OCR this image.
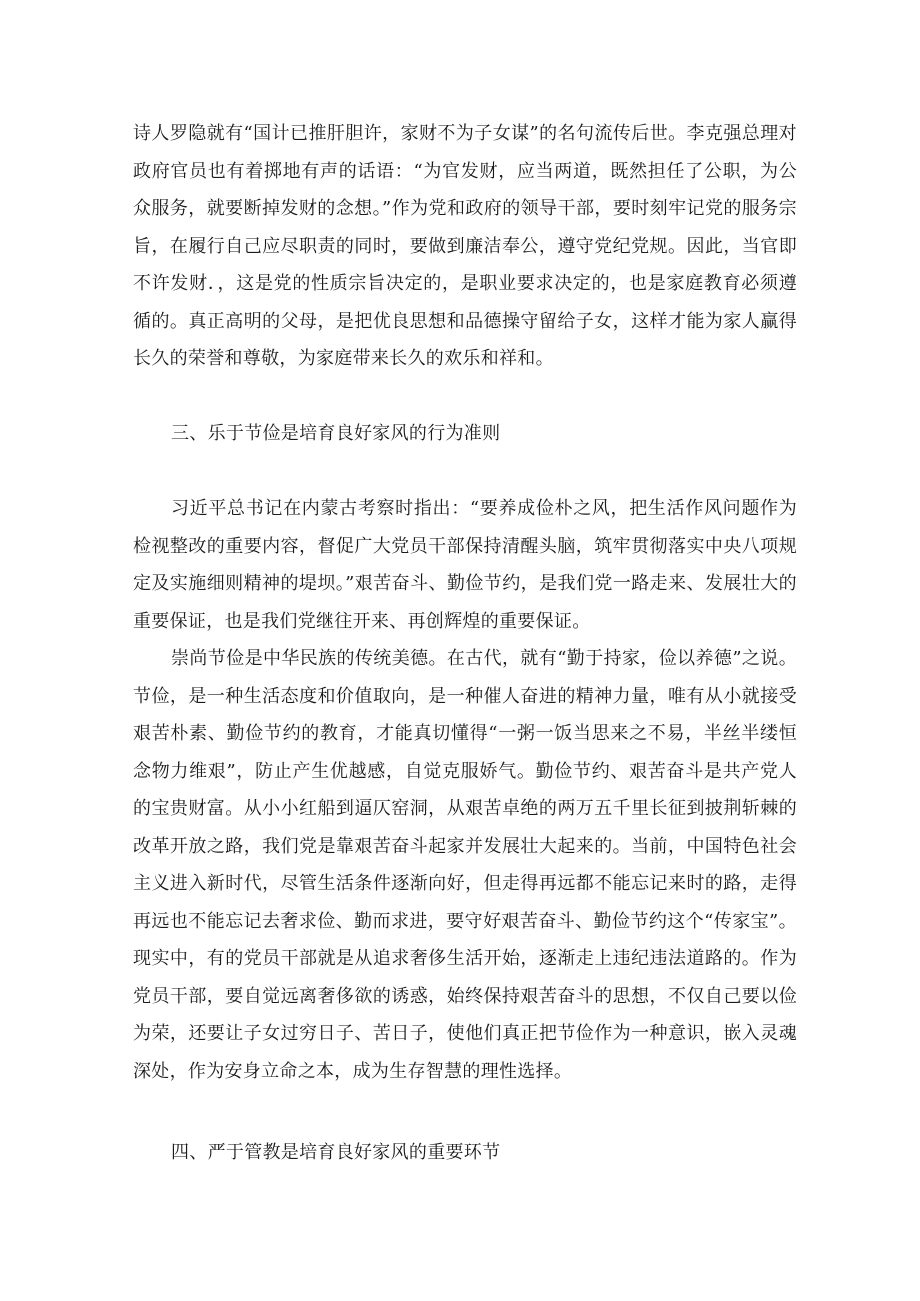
诗人罗隐就有“国计已推肝胆许，家财不为子女谋”的名句流传后世。李克强总理对政府官员也有着掷地有声的话语：“为官发财，应当两道，既然担任了公职，为公众服务，就要断掉发财的念想。”作为党和政府的领导干部，要时刻牢记党的服务宗旨，在履行自己应尽职责的同时，要做到廉洁奉公，遵守党纪党规。因此，当官即不许发财．，这是党的性质宗旨决定的，是职业要求决定的，也是家庭教育必须遵循的。真正高明的父母，是把优良思想和品德操守留给子女，这样才能为家人赢得长久的荣誉和尊敬，为家庭带来长久的欢乐和祥和。

三、乐于节俭是培育良好家风的行为准则

习近平总书记在内蒙古考察时指出：“要养成俭朴之风，把生活作风问题作为检视整改的重要内容，督促广大党员干部保持清醒头脑，筑牢贯彻落实中央八项规定及实施细则精神的堤坝。”艰苦奋斗、勤俭节约，是我们党一路走来、发展壮大的重要保证，也是我们党继往开来、再创辉煌的重要保证。

崇尚节俭是中华民族的传统美德。在古代，就有“勤于持家，俭以养德”之说。节俭，是一种生活态度和价值取向，是一种催人奋进的精神力量，唯有从小就接受艰苦朴素、勤俭节约的教育，才能真切懂得“一粥一饭当思来之不易，半丝半缕恒念物力维艰”，防止产生优越感，自觉克服娇气。勤俭节约、艰苦奋斗是共产党人的宝贵财富。从小小红船到逼仄窑洞，从艰苦卓绝的两万五千里长征到披荆斩棘的改革开放之路，我们党是靠艰苦奋斗起家并发展壮大起来的。当前，中国特色社会主义进入新时代，尽管生活条件逐渐向好，但走得再远都不能忘记来时的路，走得再远也不能忘记去奢求俭、勤而求进，要守好艰苦奋斗、勤俭节约这个“传家宝”。现实中，有的党员干部就是从追求奢侈生活开始，逐渐走上违纪违法道路的。作为党员干部，要自觉远离奢侈欲的诱惑，始终保持艰苦奋斗的思想，不仅自己要以俭为荣，还要让子女过穷日子、苦日子，使他们真正把节俭作为一种意识，嵌入灵魂深处，作为安身立命之本，成为生存智慧的理性选择。

四、严于管教是培育良好家风的重要环节
